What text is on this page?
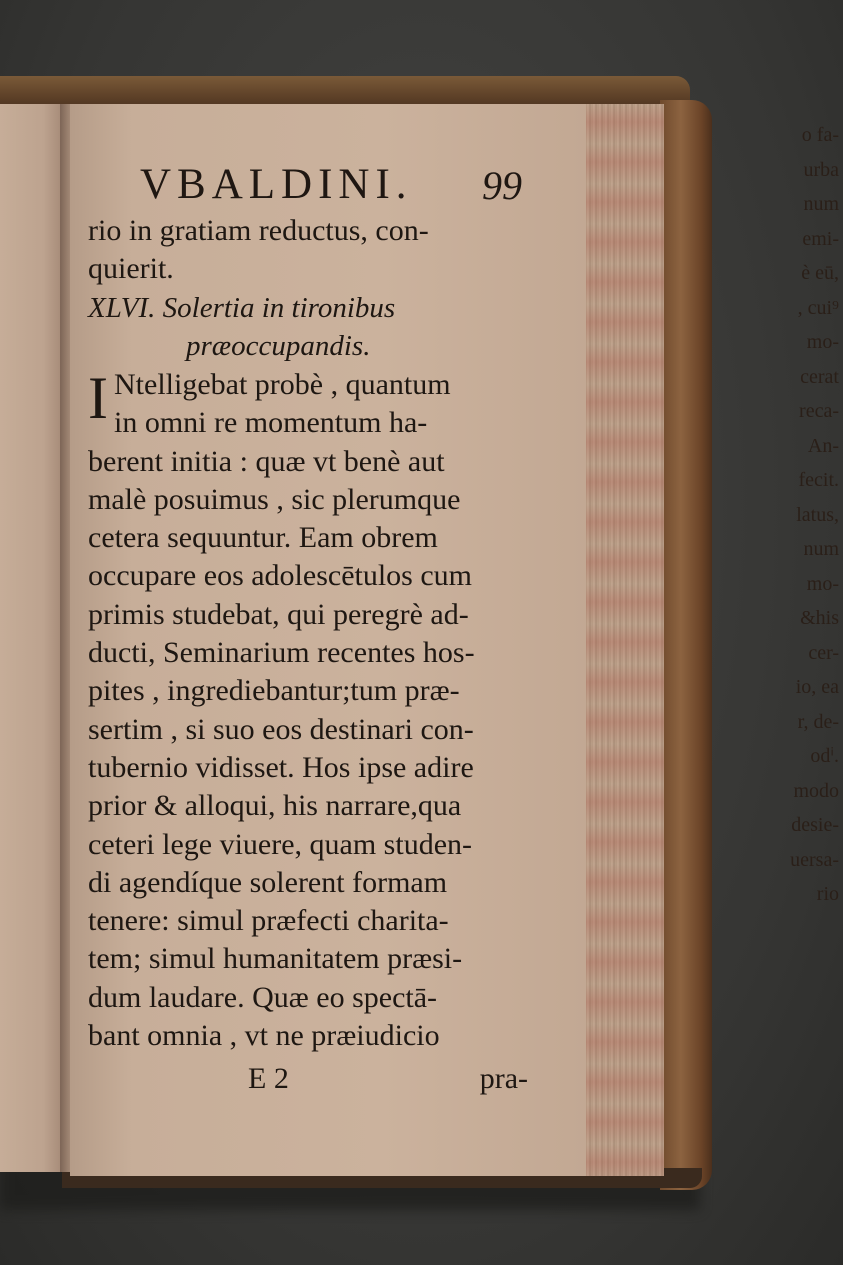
o fa-
urba
num
emi-
è eū,
, cui⁹
mo-
cerat
reca-
An-
fecit.
latus,
num
mo-
&his
cer-
io, ea
r, de-
odⁱ.
modo
desie-
uersa-
rio
VBALDINI. 99
rio in gratiam reductus, con-
quierit.
XLVI. Solertia in tironibus
præoccupandis.
I Ntelligebat probè , quantum
in omni re momentum ha-
berent initia : quæ vt benè aut
malè posuimus , sic plerumque
cetera sequuntur. Eam obrem
occupare eos adolescētulos cum
primis studebat, qui peregrè ad-
ducti, Seminarium recentes hos-
pites , ingrediebantur;tum præ-
sertim , si suo eos destinari con-
tubernio vidisset. Hos ipse adire
prior & alloqui, his narrare,qua
ceteri lege viuere, quam studen-
di agendíque solerent formam
tenere: simul præfecti charita-
tem; simul humanitatem præsi-
dum laudare. Quæ eo spectā-
bant omnia , vt ne præiudicio
E 2	pra-
